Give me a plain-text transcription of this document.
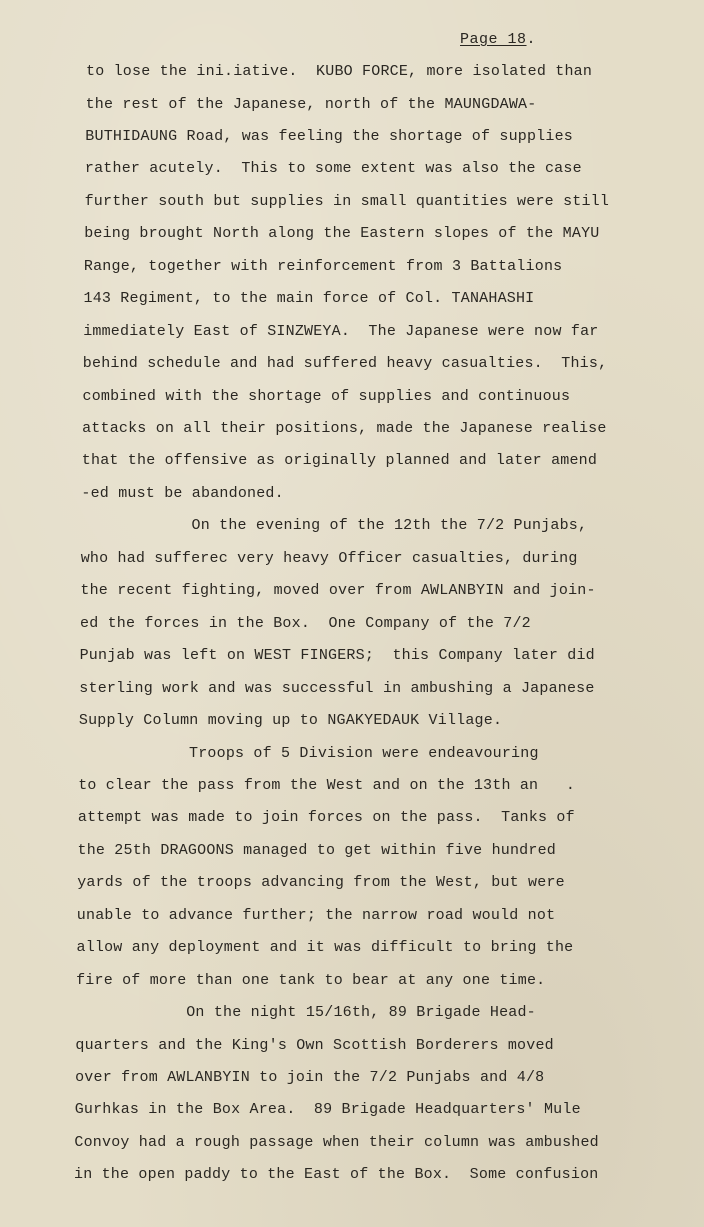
Page 18.
to lose the ini.iative.  KUBO FORCE, more isolated than
the rest of the Japanese, north of the MAUNGDAWA-
BUTHIDAUNG Road, was feeling the shortage of supplies
rather acutely.  This to some extent was also the case
further south but supplies in small quantities were still
being brought North along the Eastern slopes of the MAYU
Range, together with reinforcement from 3 Battalions
143 Regiment, to the main force of Col. TANAHASHI
immediately East of SINZWEYA.  The Japanese were now far
behind schedule and had suffered heavy casualties.  This,
combined with the shortage of supplies and continuous
attacks on all their positions, made the Japanese realise
that the offensive as originally planned and later amend
-ed must be abandoned.
On the evening of the 12th the 7/2 Punjabs,
who had sufferec very heavy Officer casualties, during
the recent fighting, moved over from AWLANBYIN and join-
ed the forces in the Box.  One Company of the 7/2
Punjab was left on WEST FINGERS;  this Company later did
sterling work and was successful in ambushing a Japanese
Supply Column moving up to NGAKYEDAUK Village.
Troops of 5 Division were endeavouring
to clear the pass from the West and on the 13th an   .
attempt was made to join forces on the pass.  Tanks of
the 25th DRAGOONS managed to get within five hundred
yards of the troops advancing from the West, but were
unable to advance further; the narrow road would not
allow any deployment and it was difficult to bring the
fire of more than one tank to bear at any one time.
On the night 15/16th, 89 Brigade Head-
quarters and the King's Own Scottish Borderers moved
over from AWLANBYIN to join the 7/2 Punjabs and 4/8
Gurhkas in the Box Area.  89 Brigade Headquarters' Mule
Convoy had a rough passage when their column was ambushed
in the open paddy to the East of the Box.  Some confusion
